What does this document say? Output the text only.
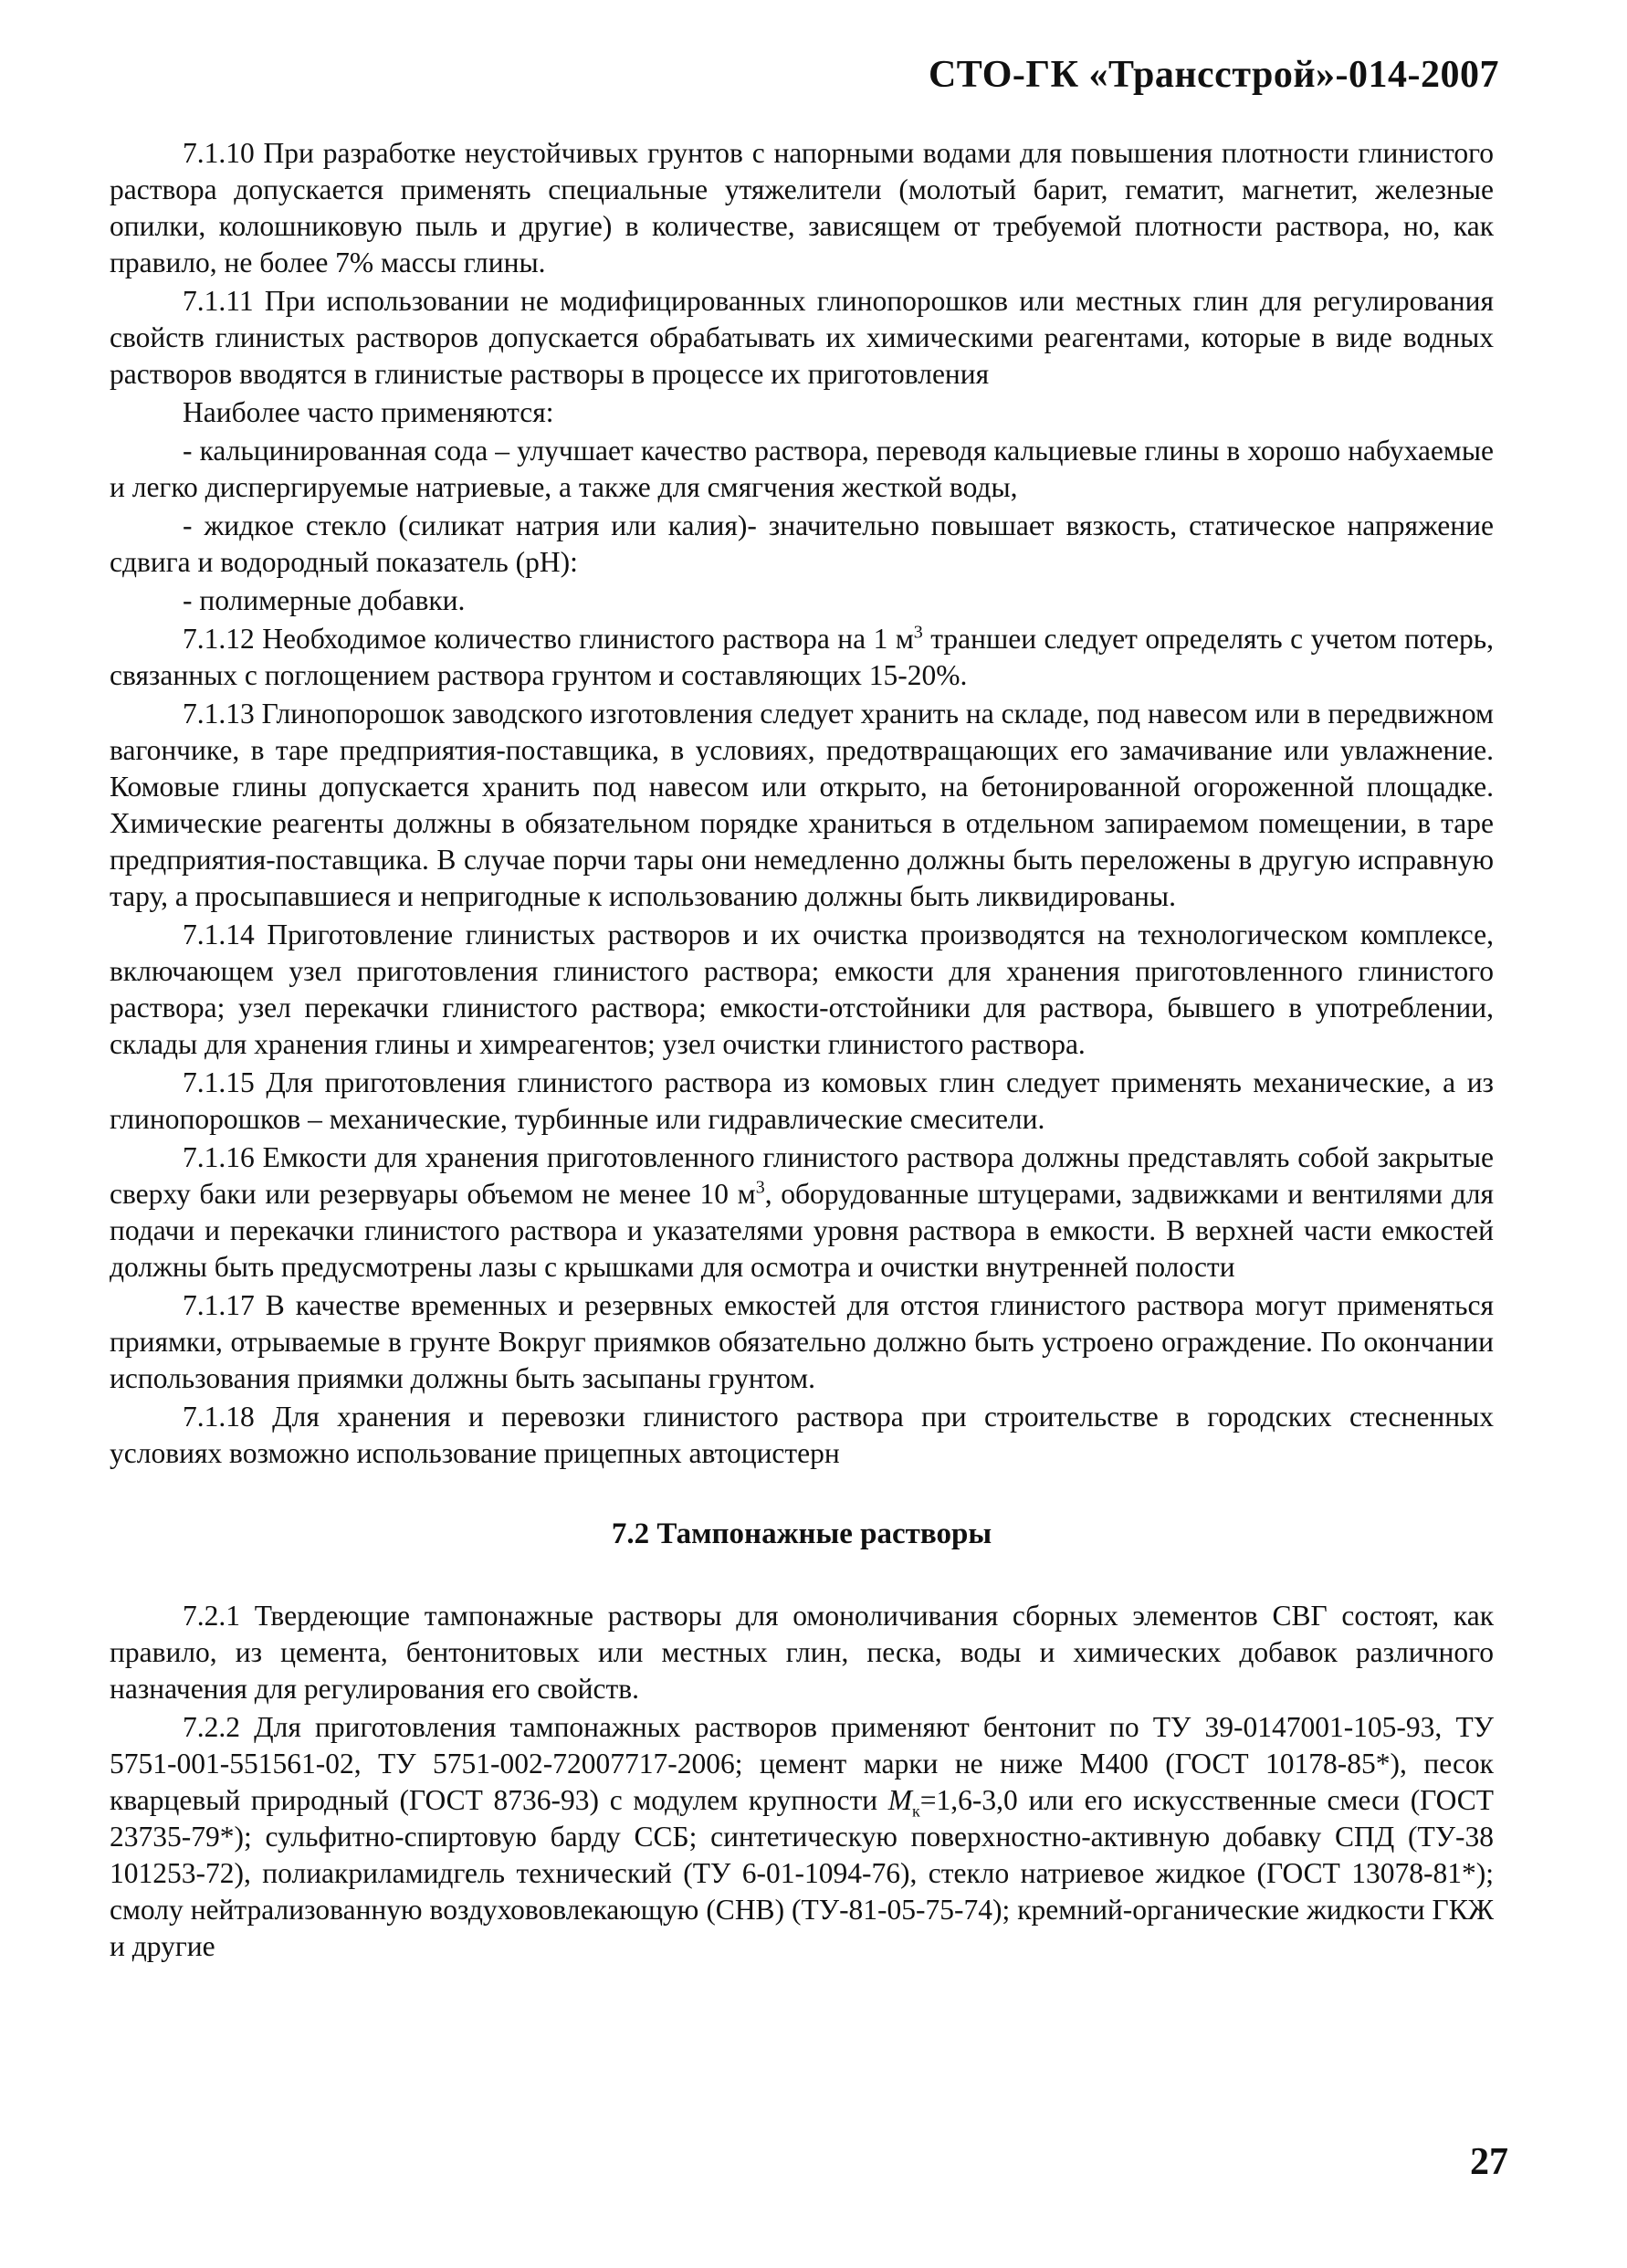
СТО-ГК «Трансстрой»-014-2007

7.1.10 При разработке неустойчивых грунтов с напорными водами для повышения плотности глинистого раствора допускается применять специальные утяжелители (молотый барит, гематит, магнетит, железные опилки, колошниковую пыль и другие) в количестве, зависящем от требуемой плотности раствора, но, как правило, не более 7% массы глины.

7.1.11 При использовании не модифицированных глинопорошков или местных глин для регулирования свойств глинистых растворов допускается обрабатывать их химическими реагентами, которые в виде водных растворов вводятся в глинистые растворы в процессе их приготовления

Наиболее часто применяются:

- кальцинированная сода – улучшает качество раствора, переводя кальциевые глины в хорошо набухаемые и легко диспергируемые натриевые, а также для смягчения жесткой воды,

- жидкое стекло (силикат натрия или калия)- значительно повышает вязкость, статическое напряжение сдвига и водородный показатель (рН):

- полимерные добавки.

7.1.12 Необходимое количество глинистого раствора на 1 $м^3$ траншеи следует определять с учетом потерь, связанных с поглощением раствора грунтом и составляющих 15-20%.

7.1.13 Глинопорошок заводского изготовления следует хранить на складе, под навесом или в передвижном вагончике, в таре предприятия-поставщика, в условиях, предотвращающих его замачивание или увлажнение. Комовые глины допускается хранить под навесом или открыто, на бетонированной огороженной площадке. Химические реагенты должны в обязательном порядке храниться в отдельном запираемом помещении, в таре предприятия-поставщика. В случае порчи тары они немедленно должны быть переложены в другую исправную тару, а просыпавшиеся и непригодные к использованию должны быть ликвидированы.

7.1.14 Приготовление глинистых растворов и их очистка производятся на технологическом комплексе, включающем узел приготовления глинистого раствора; емкости для хранения приготовленного глинистого раствора; узел перекачки глинистого раствора; емкости-отстойники для раствора, бывшего в употреблении, склады для хранения глины и химреагентов; узел очистки глинистого раствора.

7.1.15 Для приготовления глинистого раствора из комовых глин следует применять механические, а из глинопорошков – механические, турбинные или гидравлические смесители.

7.1.16 Емкости для хранения приготовленного глинистого раствора должны представлять собой закрытые сверху баки или резервуары объемом не менее 10 $м^3$, оборудованные штуцерами, задвижками и вентилями для подачи и перекачки глинистого раствора и указателями уровня раствора в емкости. В верхней части емкостей должны быть предусмотрены лазы с крышками для осмотра и очистки внутренней полости

7.1.17 В качестве временных и резервных емкостей для отстоя глинистого раствора могут применяться приямки, отрываемые в грунте Вокруг приямков обязательно должно быть устроено ограждение. По окончании использования приямки должны быть засыпаны грунтом.

7.1.18 Для хранения и перевозки глинистого раствора при строительстве в городских стесненных условиях возможно использование прицепных автоцистерн

7.2 Тампонажные растворы

7.2.1 Твердеющие тампонажные растворы для омоноличивания сборных элементов СВГ состоят, как правило, из цемента, бентонитовых или местных глин, песка, воды и химических добавок различного назначения для регулирования его свойств.

7.2.2 Для приготовления тампонажных растворов применяют бентонит по ТУ 39-0147001-105-93, ТУ 5751-001-551561-02, ТУ 5751-002-72007717-2006; цемент марки не ниже М400 (ГОСТ 10178-85*), песок кварцевый природный (ГОСТ 8736-93) с модулем крупности $М_к=1,6-3,0$ или его искусственные смеси (ГОСТ 23735-79*); сульфитно-спиртовую барду ССБ; синтетическую поверхностно-активную добавку СПД (ТУ-38 101253-72), полиакриламидгель технический (ТУ 6-01-1094-76), стекло натриевое жидкое (ГОСТ 13078-81*); смолу нейтрализованную воздухововлекающую (СНВ) (ТУ-81-05-75-74); кремний-органические жидкости ГКЖ и другие

27
